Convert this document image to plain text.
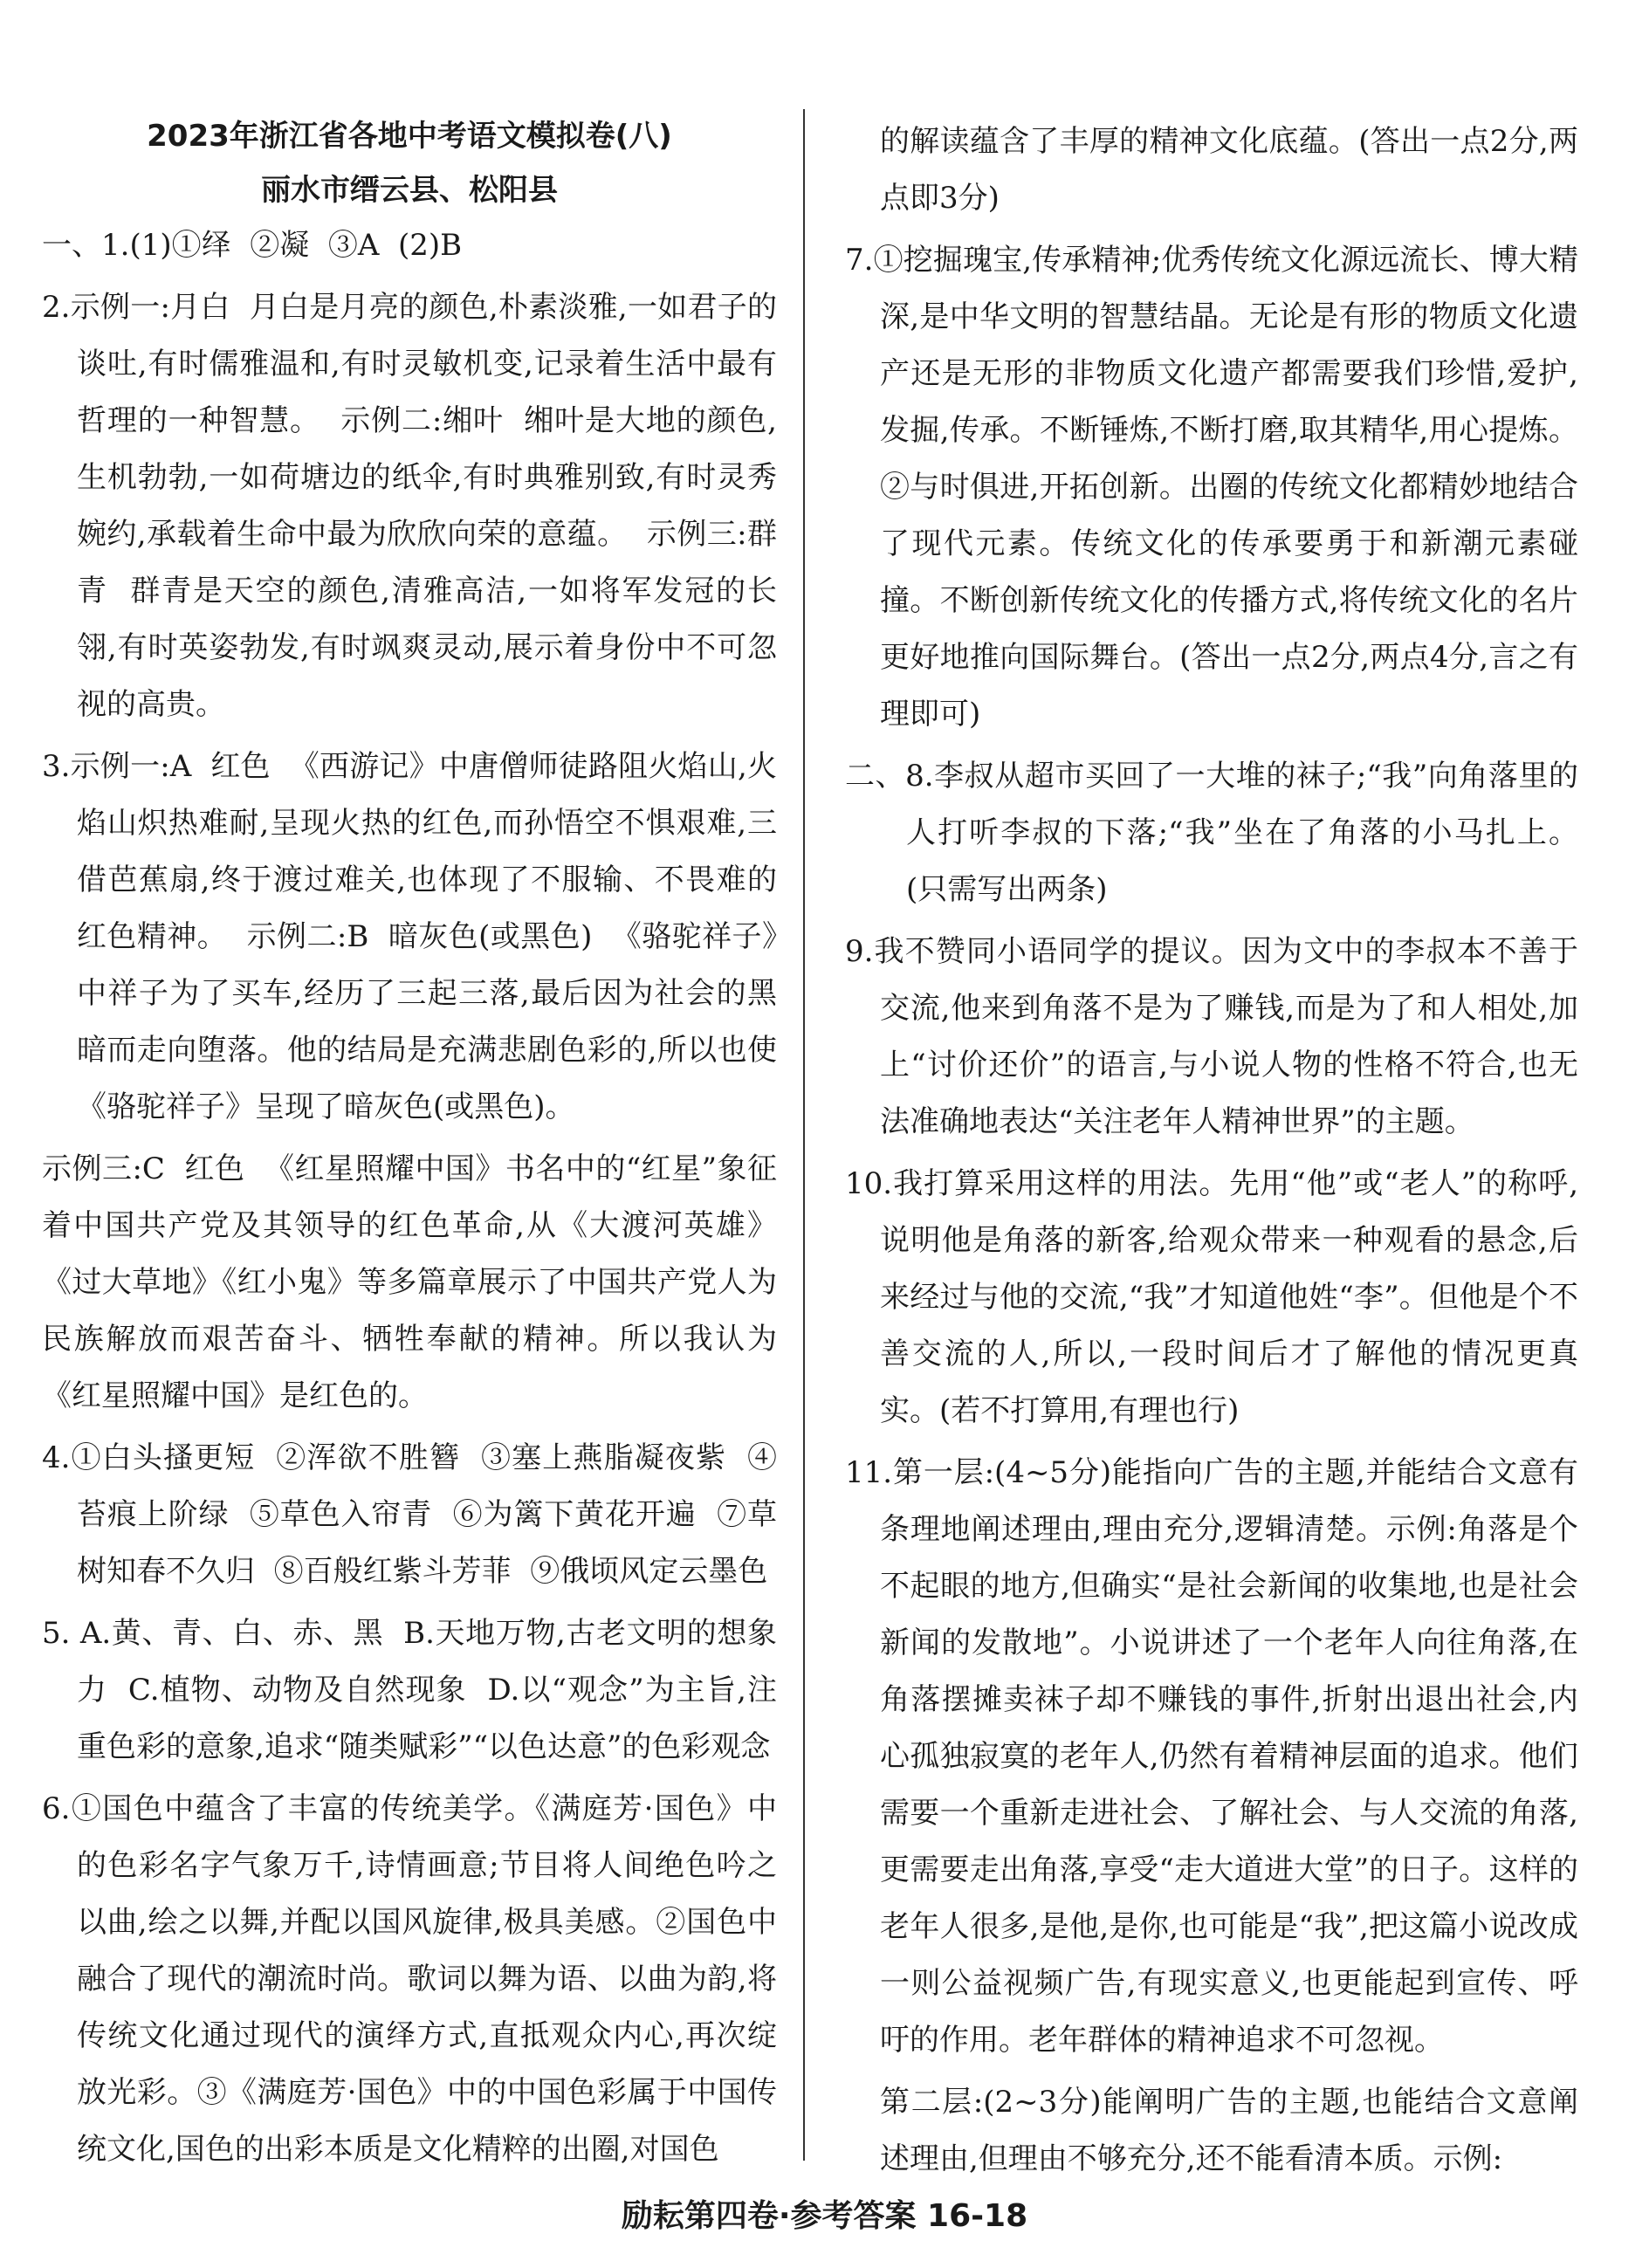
2023年浙江省各地中考语文模拟卷(八)

丽水市缙云县、松阳县

一、1.(1)①绎  ②凝  ③A  (2)B

2.示例一:月白  月白是月亮的颜色,朴素淡雅,一如君子的谈吐,有时儒雅温和,有时灵敏机变,记录着生活中最有哲理的一种智慧。  示例二:缃叶  缃叶是大地的颜色,生机勃勃,一如荷塘边的纸伞,有时典雅别致,有时灵秀婉约,承载着生命中最为欣欣向荣的意蕴。  示例三:群青  群青是天空的颜色,清雅高洁,一如将军发冠的长翎,有时英姿勃发,有时飒爽灵动,展示着身份中不可忽视的高贵。

3.示例一:A  红色  《西游记》中唐僧师徒路阻火焰山,火焰山炽热难耐,呈现火热的红色,而孙悟空不惧艰难,三借芭蕉扇,终于渡过难关,也体现了不服输、不畏难的红色精神。  示例二:B  暗灰色(或黑色)  《骆驼祥子》中祥子为了买车,经历了三起三落,最后因为社会的黑暗而走向堕落。他的结局是充满悲剧色彩的,所以也使《骆驼祥子》呈现了暗灰色(或黑色)。

示例三:C  红色  《红星照耀中国》书名中的“红星”象征着中国共产党及其领导的红色革命,从《大渡河英雄》《过大草地》《红小鬼》等多篇章展示了中国共产党人为民族解放而艰苦奋斗、牺牲奉献的精神。所以我认为《红星照耀中国》是红色的。

4.①白头搔更短  ②浑欲不胜簪  ③塞上燕脂凝夜紫  ④苔痕上阶绿  ⑤草色入帘青  ⑥为篱下黄花开遍  ⑦草树知春不久归  ⑧百般红紫斗芳菲  ⑨俄顷风定云墨色

5. A.黄、青、白、赤、黑  B.天地万物,古老文明的想象力  C.植物、动物及自然现象  D.以“观念”为主旨,注重色彩的意象,追求“随类赋彩”“以色达意”的色彩观念

6.①国色中蕴含了丰富的传统美学。《满庭芳·国色》中的色彩名字气象万千,诗情画意;节目将人间绝色吟之以曲,绘之以舞,并配以国风旋律,极具美感。②国色中融合了现代的潮流时尚。歌词以舞为语、以曲为韵,将传统文化通过现代的演绎方式,直抵观众内心,再次绽放光彩。③《满庭芳·国色》中的中国色彩属于中国传统文化,国色的出彩本质是文化精粹的出圈,对国色

的解读蕴含了丰厚的精神文化底蕴。(答出一点2分,两点即3分)

7.①挖掘瑰宝,传承精神;优秀传统文化源远流长、博大精深,是中华文明的智慧结晶。无论是有形的物质文化遗产还是无形的非物质文化遗产都需要我们珍惜,爱护,发掘,传承。不断锤炼,不断打磨,取其精华,用心提炼。②与时俱进,开拓创新。出圈的传统文化都精妙地结合了现代元素。传统文化的传承要勇于和新潮元素碰撞。不断创新传统文化的传播方式,将传统文化的名片更好地推向国际舞台。(答出一点2分,两点4分,言之有理即可)

二、8.李叔从超市买回了一大堆的袜子;“我”向角落里的人打听李叔的下落;“我”坐在了角落的小马扎上。(只需写出两条)

9.我不赞同小语同学的提议。因为文中的李叔本不善于交流,他来到角落不是为了赚钱,而是为了和人相处,加上“讨价还价”的语言,与小说人物的性格不符合,也无法准确地表达“关注老年人精神世界”的主题。

10.我打算采用这样的用法。先用“他”或“老人”的称呼,说明他是角落的新客,给观众带来一种观看的悬念,后来经过与他的交流,“我”才知道他姓“李”。但他是个不善交流的人,所以,一段时间后才了解他的情况更真实。(若不打算用,有理也行)

11.第一层:(4~5分)能指向广告的主题,并能结合文意有条理地阐述理由,理由充分,逻辑清楚。示例:角落是个不起眼的地方,但确实“是社会新闻的收集地,也是社会新闻的发散地”。小说讲述了一个老年人向往角落,在角落摆摊卖袜子却不赚钱的事件,折射出退出社会,内心孤独寂寞的老年人,仍然有着精神层面的追求。他们需要一个重新走进社会、了解社会、与人交流的角落,更需要走出角落,享受“走大道进大堂”的日子。这样的老年人很多,是他,是你,也可能是“我”,把这篇小说改成一则公益视频广告,有现实意义,也更能起到宣传、呼吁的作用。老年群体的精神追求不可忽视。

第二层:(2~3分)能阐明广告的主题,也能结合文意阐述理由,但理由不够充分,还不能看清本质。示例:

励耘第四卷·参考答案 16-18
